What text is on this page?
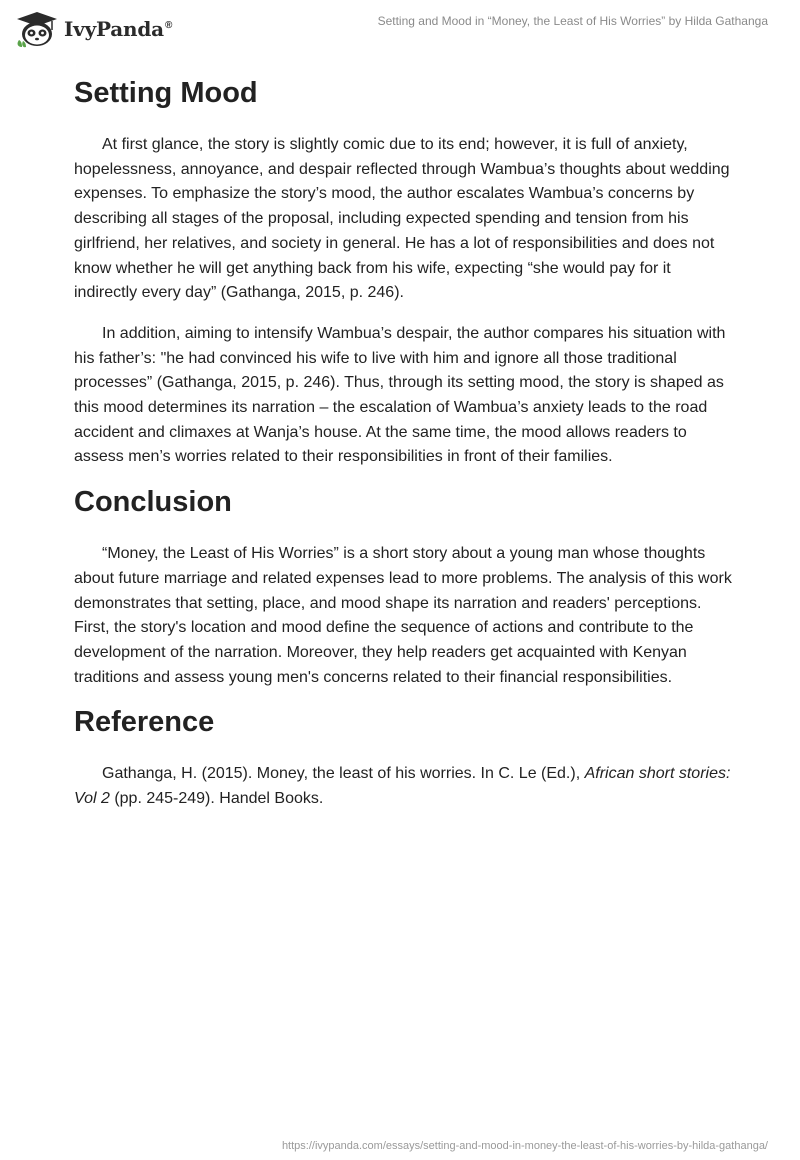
IvyPanda®	Setting and Mood in “Money, the Least of His Worries” by Hilda Gathanga
Setting Mood

At first glance, the story is slightly comic due to its end; however, it is full of anxiety, hopelessness, annoyance, and despair reflected through Wambua’s thoughts about wedding expenses. To emphasize the story’s mood, the author escalates Wambua’s concerns by describing all stages of the proposal, including expected spending and tension from his girlfriend, her relatives, and society in general. He has a lot of responsibilities and does not know whether he will get anything back from his wife, expecting “she would pay for it indirectly every day” (Gathanga, 2015, p. 246).

In addition, aiming to intensify Wambua’s despair, the author compares his situation with his father’s: "he had convinced his wife to live with him and ignore all those traditional processes” (Gathanga, 2015, p. 246). Thus, through its setting mood, the story is shaped as this mood determines its narration – the escalation of Wambua’s anxiety leads to the road accident and climaxes at Wanja’s house. At the same time, the mood allows readers to assess men’s worries related to their responsibilities in front of their families.

Conclusion

“Money, the Least of His Worries” is a short story about a young man whose thoughts about future marriage and related expenses lead to more problems. The analysis of this work demonstrates that setting, place, and mood shape its narration and readers' perceptions. First, the story's location and mood define the sequence of actions and contribute to the development of the narration. Moreover, they help readers get acquainted with Kenyan traditions and assess young men's concerns related to their financial responsibilities.

Reference

Gathanga, H. (2015). Money, the least of his worries. In C. Le (Ed.), African short stories: Vol 2 (pp. 245-249). Handel Books.

https://ivypanda.com/essays/setting-and-mood-in-money-the-least-of-his-worries-by-hilda-gathanga/
